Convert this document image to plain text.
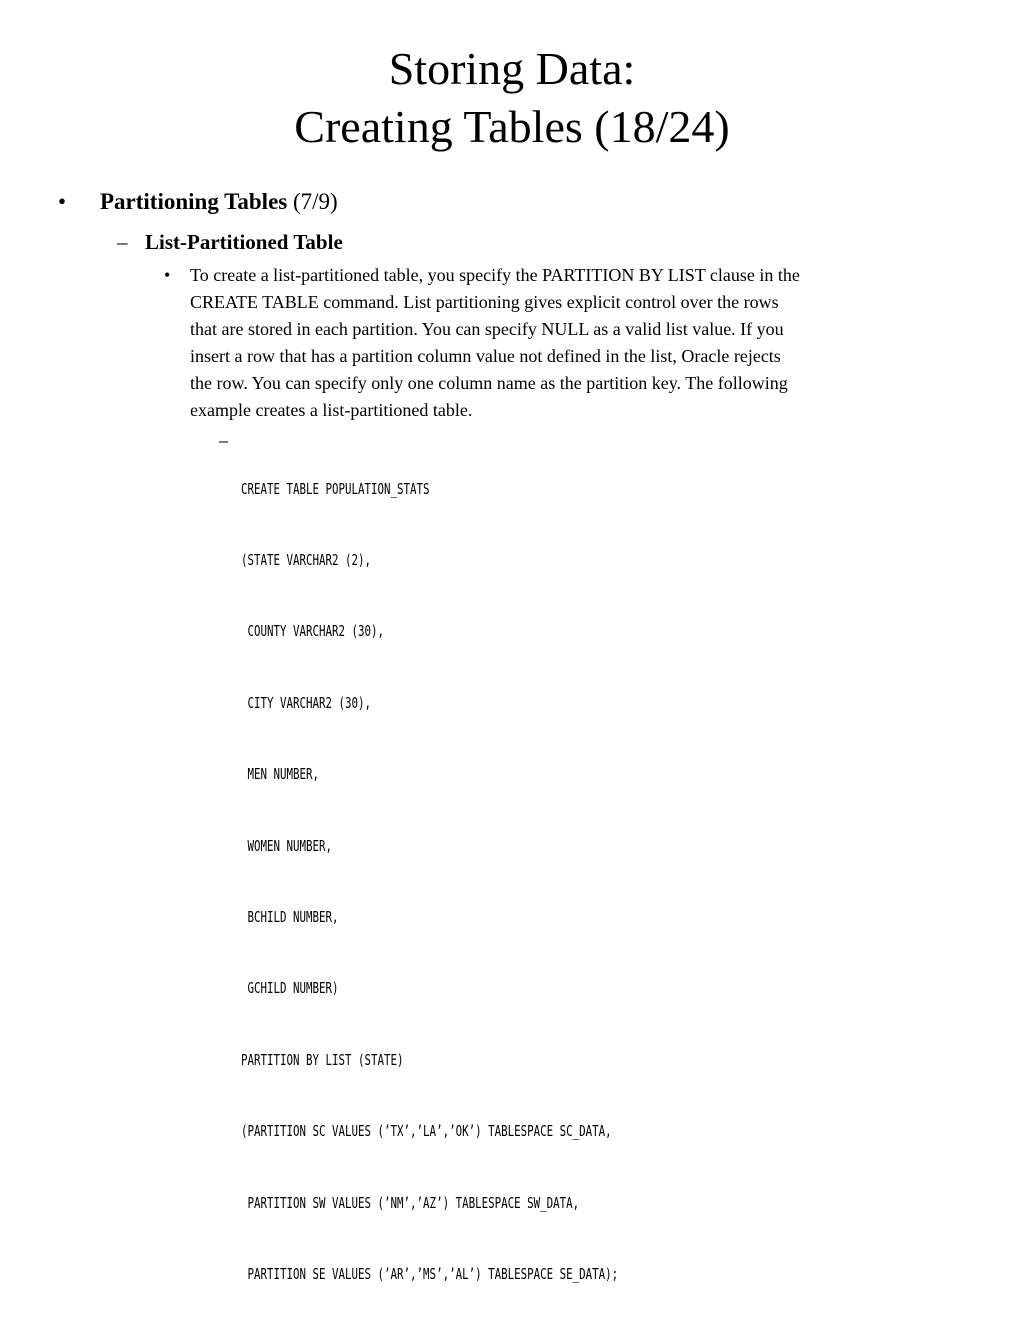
Storing Data:
Creating Tables (18/24)
• Partitioning Tables (7/9)
– List-Partitioned Table
• To create a list-partitioned table, you specify the PARTITION BY LIST clause in the
CREATE TABLE command. List partitioning gives explicit control over the rows
that are stored in each partition. You can specify NULL as a valid list value. If you
insert a row that has a partition column value not defined in the list, Oracle rejects
the row. You can specify only one column name as the partition key. The following
example creates a list-partitioned table.
–

CREATE TABLE POPULATION_STATS

(STATE VARCHAR2 (2),

COUNTY VARCHAR2 (30),

CITY VARCHAR2 (30),

MEN NUMBER,

WOMEN NUMBER,

BCHILD NUMBER,

GCHILD NUMBER)

PARTITION BY LIST (STATE)

(PARTITION SC VALUES (’TX’,’LA’,’OK’) TABLESPACE SC_DATA,

PARTITION SW VALUES (’NM’,’AZ’) TABLESPACE SW_DATA,

PARTITION SE VALUES (’AR’,’MS’,’AL’) TABLESPACE SE_DATA);
